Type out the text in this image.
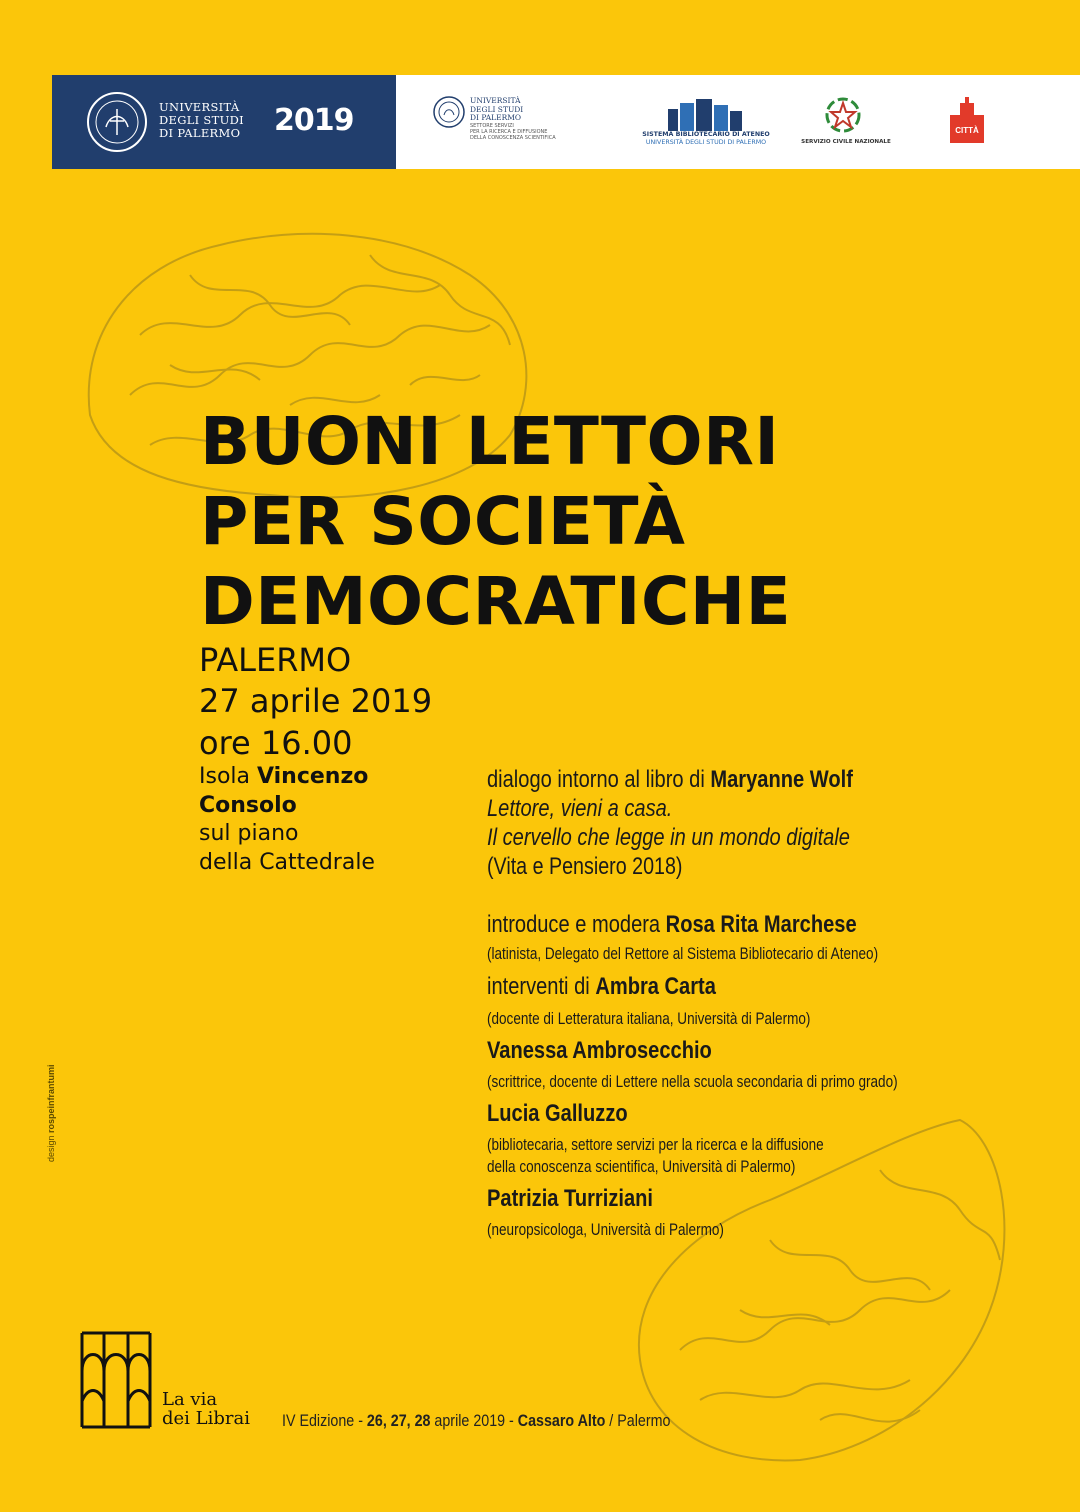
UNIVERSITÀ
DEGLI STUDI
DI PALERMO 2019
UNIVERSITÀ
DEGLI STUDI
DI PALERMO
SETTORE SERVIZI
PER LA RICERCA E DIFFUSIONE
DELLA CONOSCENZA SCIENTIFICA	SISTEMA BIBLIOTECARIO DI ATENEO
UNIVERSITÀ DEGLI STUDI DI PALERMO	SERVIZIO CIVILE NAZIONALE
CITTÀ
BUONI LETTORI
PER SOCIETÀ
DEMOCRATICHE
PALERMO
27 aprile 2019
ore 16.00
Isola Vincenzo
Consolo
sul piano
della Cattedrale
dialogo intorno al libro di Maryanne Wolf
Lettore, vieni a casa.
Il cervello che legge in un mondo digitale
(Vita e Pensiero 2018)
introduce e modera Rosa Rita Marchese
(latinista, Delegato del Rettore al Sistema Bibliotecario di Ateneo)
interventi di Ambra Carta
(docente di Letteratura italiana, Università di Palermo)
Vanessa Ambrosecchio
(scrittrice, docente di Lettere nella scuola secondaria di primo grado)
Lucia Galluzzo
(bibliotecaria, settore servizi per la ricerca e la diffusione
della conoscenza scientifica, Università di Palermo)
Patrizia Turriziani
(neuropsicologa, Università di Palermo)
design rospeinfrantumi
La via
dei Librai IV Edizione - 26, 27, 28 aprile 2019 - Cassaro Alto / Palermo
